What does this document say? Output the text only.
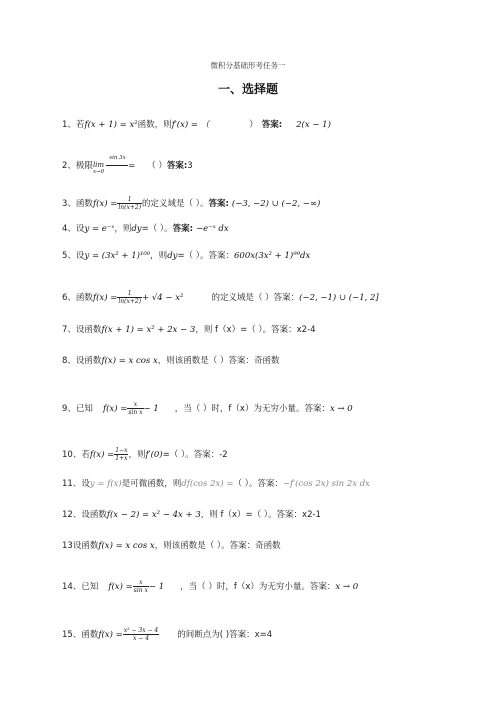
微积分基础形考任务一
一、选择题
1、若f(x + 1) = x²函数，则f′(x) = （	） 答案: 2(x − 1)
2、极限
sin 3x
lim
x→0
= （ ）答案:3
3、函数$f(x) = \frac{1}{\ln(x+2)}$ 的定义域是（ ）。答案: (−3, −2) ∪ (−2, −∞)
4、设y = e⁻ˣ，则dy=（ ）。答案: −e⁻ˣ dx
5、设y = (3x² + 1)¹⁰⁰，则dy=（ ）。答案：600x(3x² + 1)⁹⁹dx
6、函数$f(x) = \frac{1}{\ln(x+2)} + √4 - x^2$	的定义域是（ ）答案：(−2, −1) ∪ (−1, 2]
7、设函数f(x + 1) = x² + 2x − 3，则 f（x）=（ ）。答案：x2-4
8、设函数f(x) = x cos x，则该函数是（ ）答案：奇函数
9、已知 $f(x) = \frac{x}{\text{sin x}} - 1$ ，当（ ）时，f（x）为无穷小量。答案：x → 0
10、若$f(x) = \frac{1-x}{1+x}$ ，则f′(0)=（ ）。答案：-2
11、设y = f(x)是可微函数，则df(cos 2x) =（ ）。答案：−f′(cos 2x) sin 2x dx
12、设函数f(x − 2) = x² − 4x + 3，则 f（x）=（ ）。答案：x2-1
13设函数f(x) = x cos x，则该函数是（ ）。答案：奇函数
14、已知 $f(x) = \frac{x}{\text{sin x}} - 1$ ，当（ ）时，f（x）为无穷小量。答案：x → 0
15、函数$f(x) = \frac{\text{x² − 3x − 4}}{x - 4}$ 的间断点为( )答案：x=4
